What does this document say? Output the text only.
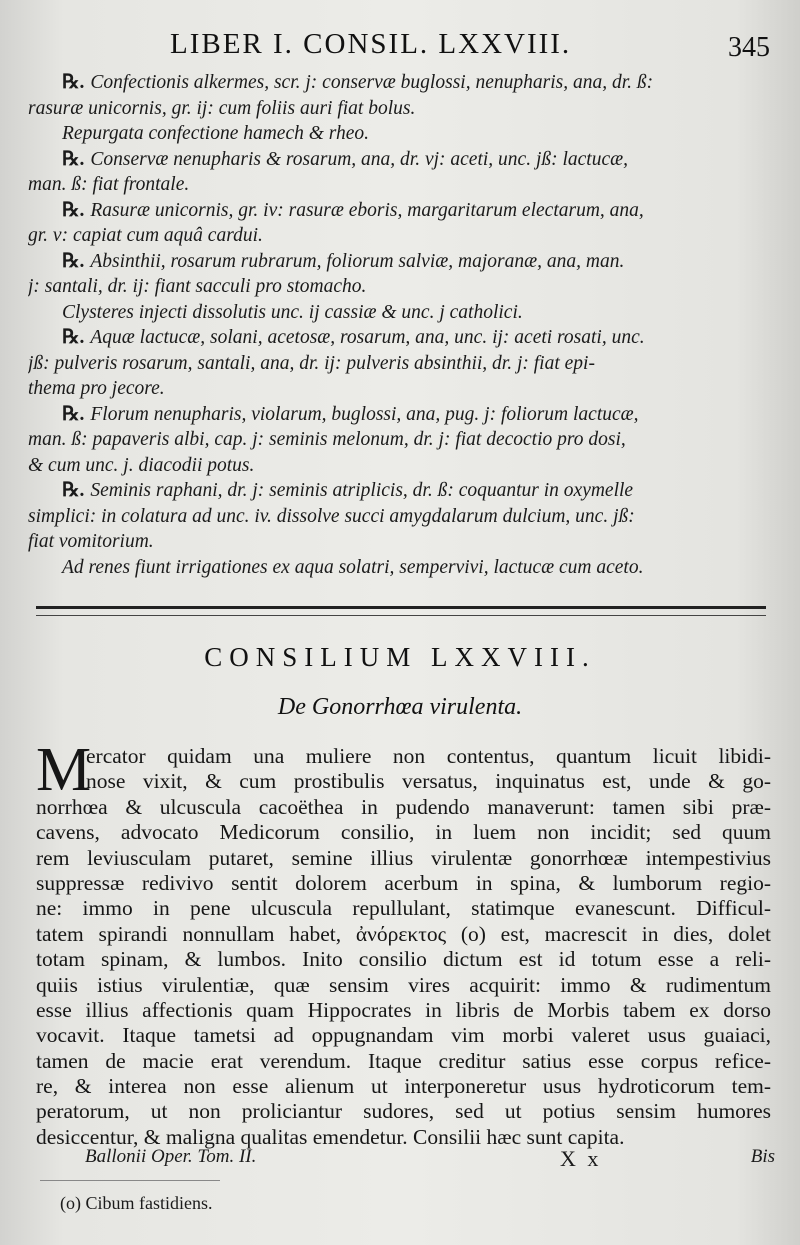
LIBER I. CONSIL. LXXVIII.	345
℞. Confectionis alkermes, scr. j: conservæ buglossi, nenupharis, ana, dr. ß:
rasuræ unicornis, gr. ij: cum foliis auri fiat bolus.
Repurgata confectione hamech & rheo.
℞. Conservæ nenupharis & rosarum, ana, dr. vj: aceti, unc. jß: lactucæ,
man. ß: fiat frontale.
℞. Rasuræ unicornis, gr. iv: rasuræ eboris, margaritarum electarum, ana,
gr. v: capiat cum aquâ cardui.
℞. Absinthii, rosarum rubrarum, foliorum salviæ, majoranæ, ana, man.
j: santali, dr. ij: fiant sacculi pro stomacho.
Clysteres injecti dissolutis unc. ij cassiæ & unc. j catholici.
℞. Aquæ lactucæ, solani, acetosæ, rosarum, ana, unc. ij: aceti rosati, unc.
jß: pulveris rosarum, santali, ana, dr. ij: pulveris absinthii, dr. j: fiat epi-
thema pro jecore.
℞. Florum nenupharis, violarum, buglossi, ana, pug. j: foliorum lactucæ,
man. ß: papaveris albi, cap. j: seminis melonum, dr. j: fiat decoctio pro dosi,
& cum unc. j. diacodii potus.
℞. Seminis raphani, dr. j: seminis atriplicis, dr. ß: coquantur in oxymelle
simplici: in colatura ad unc. iv. dissolve succi amygdalarum dulcium, unc. jß:
fiat vomitorium.
Ad renes fiunt irrigationes ex aqua solatri, sempervivi, lactucæ cum aceto.
CONSILIUM LXXVIII.
De Gonorrhœa virulenta.
M
ercator quidam una muliere non contentus, quantum licuit libidi-
nose vixit, & cum prostibulis versatus, inquinatus est, unde & go-
norrhœa & ulcuscula cacoëthea in pudendo manaverunt: tamen sibi præ-
cavens, advocato Medicorum consilio, in luem non incidit; sed quum
rem leviusculam putaret, semine illius virulentæ gonorrhœæ intempestivius
suppressæ redivivo sentit dolorem acerbum in spina, & lumborum regio-
ne: immo in pene ulcuscula repullulant, statimque evanescunt. Difficul-
tatem spirandi nonnullam habet, ἀνόρεκτος (o) est, macrescit in dies, dolet
totam spinam, & lumbos. Inito consilio dictum est id totum esse a reli-
quiis istius virulentiæ, quæ sensim vires acquirit: immo & rudimentum
esse illius affectionis quam Hippocrates in libris de Morbis tabem ex dorso
vocavit. Itaque tametsi ad oppugnandam vim morbi valeret usus guaiaci,
tamen de macie erat verendum. Itaque creditur satius esse corpus refice-
re, & interea non esse alienum ut interponeretur usus hydroticorum tem-
peratorum, ut non proliciantur sudores, sed ut potius sensim humores
desiccentur, & maligna qualitas emendetur. Consilii hæc sunt capita.
Ballonii Oper. Tom. II.	X x	Bis
(o) Cibum fastidiens.
